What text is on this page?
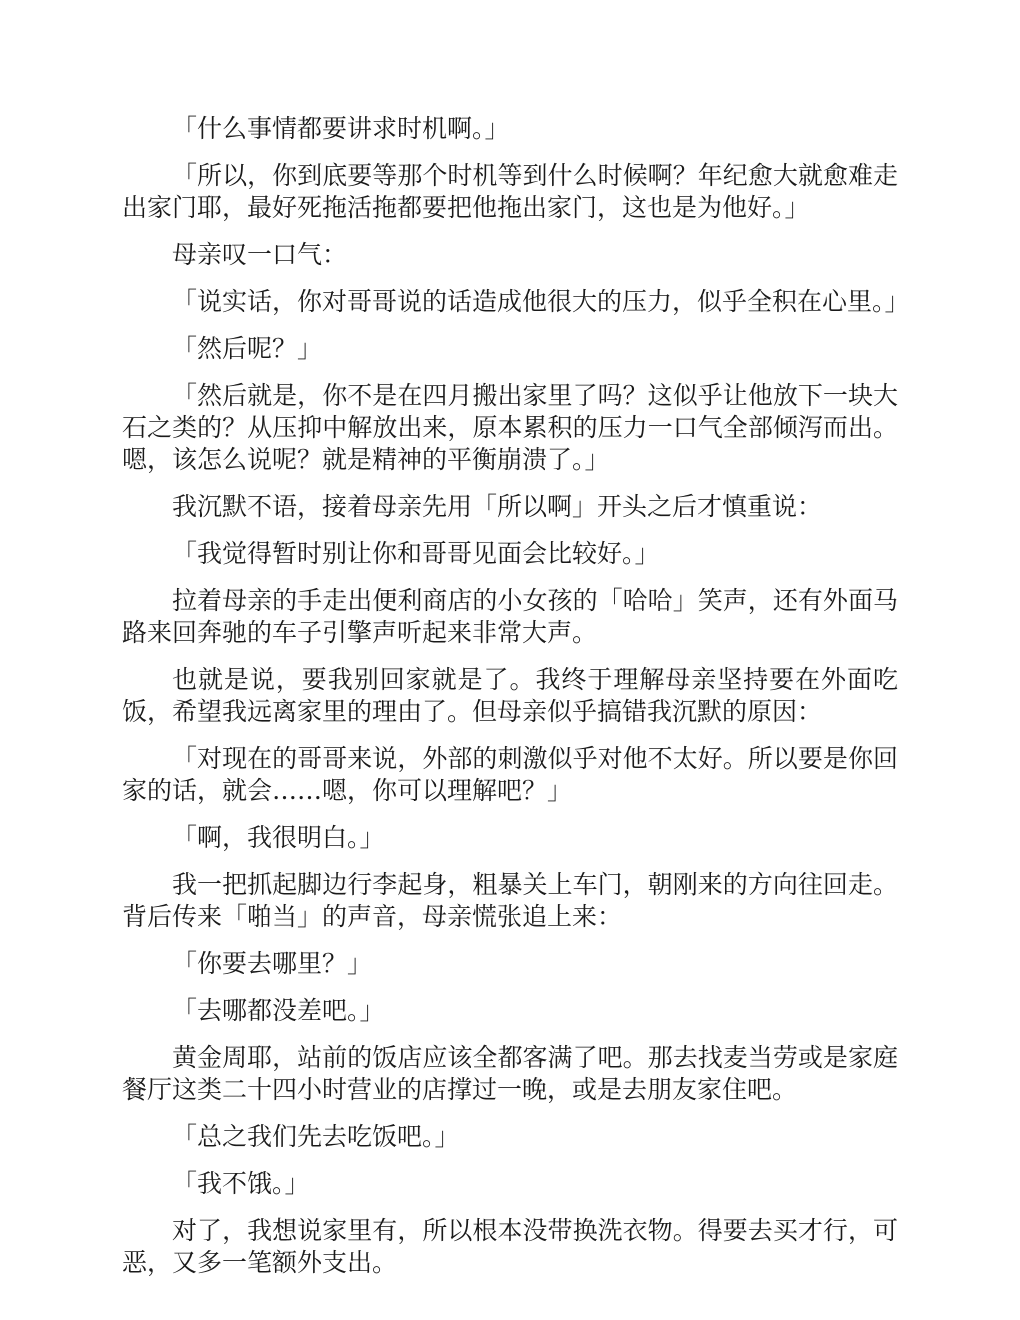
「什么事情都要讲求时机啊。」

「所以，你到底要等那个时机等到什么时候啊？年纪愈大就愈难走出家门耶，最好死拖活拖都要把他拖出家门，这也是为他好。」

母亲叹一口气：

「说实话，你对哥哥说的话造成他很大的压力，似乎全积在心里。」

「然后呢？」

「然后就是，你不是在四月搬出家里了吗？这似乎让他放下一块大石之类的？从压抑中解放出来，原本累积的压力一口气全部倾泻而出。嗯，该怎么说呢？就是精神的平衡崩溃了。」

我沉默不语，接着母亲先用「所以啊」开头之后才慎重说：

「我觉得暂时别让你和哥哥见面会比较好。」

拉着母亲的手走出便利商店的小女孩的「哈哈」笑声，还有外面马路来回奔驰的车子引擎声听起来非常大声。

也就是说，要我别回家就是了。我终于理解母亲坚持要在外面吃饭，希望我远离家里的理由了。但母亲似乎搞错我沉默的原因：

「对现在的哥哥来说，外部的刺激似乎对他不太好。所以要是你回家的话，就会……嗯，你可以理解吧？」

「啊，我很明白。」

我一把抓起脚边行李起身，粗暴关上车门，朝刚来的方向往回走。背后传来「啪当」的声音，母亲慌张追上来：

「你要去哪里？」

「去哪都没差吧。」

黄金周耶，站前的饭店应该全都客满了吧。那去找麦当劳或是家庭餐厅这类二十四小时营业的店撑过一晚，或是去朋友家住吧。

「总之我们先去吃饭吧。」

「我不饿。」

对了，我想说家里有，所以根本没带换洗衣物。得要去买才行，可恶，又多一笔额外支出。
